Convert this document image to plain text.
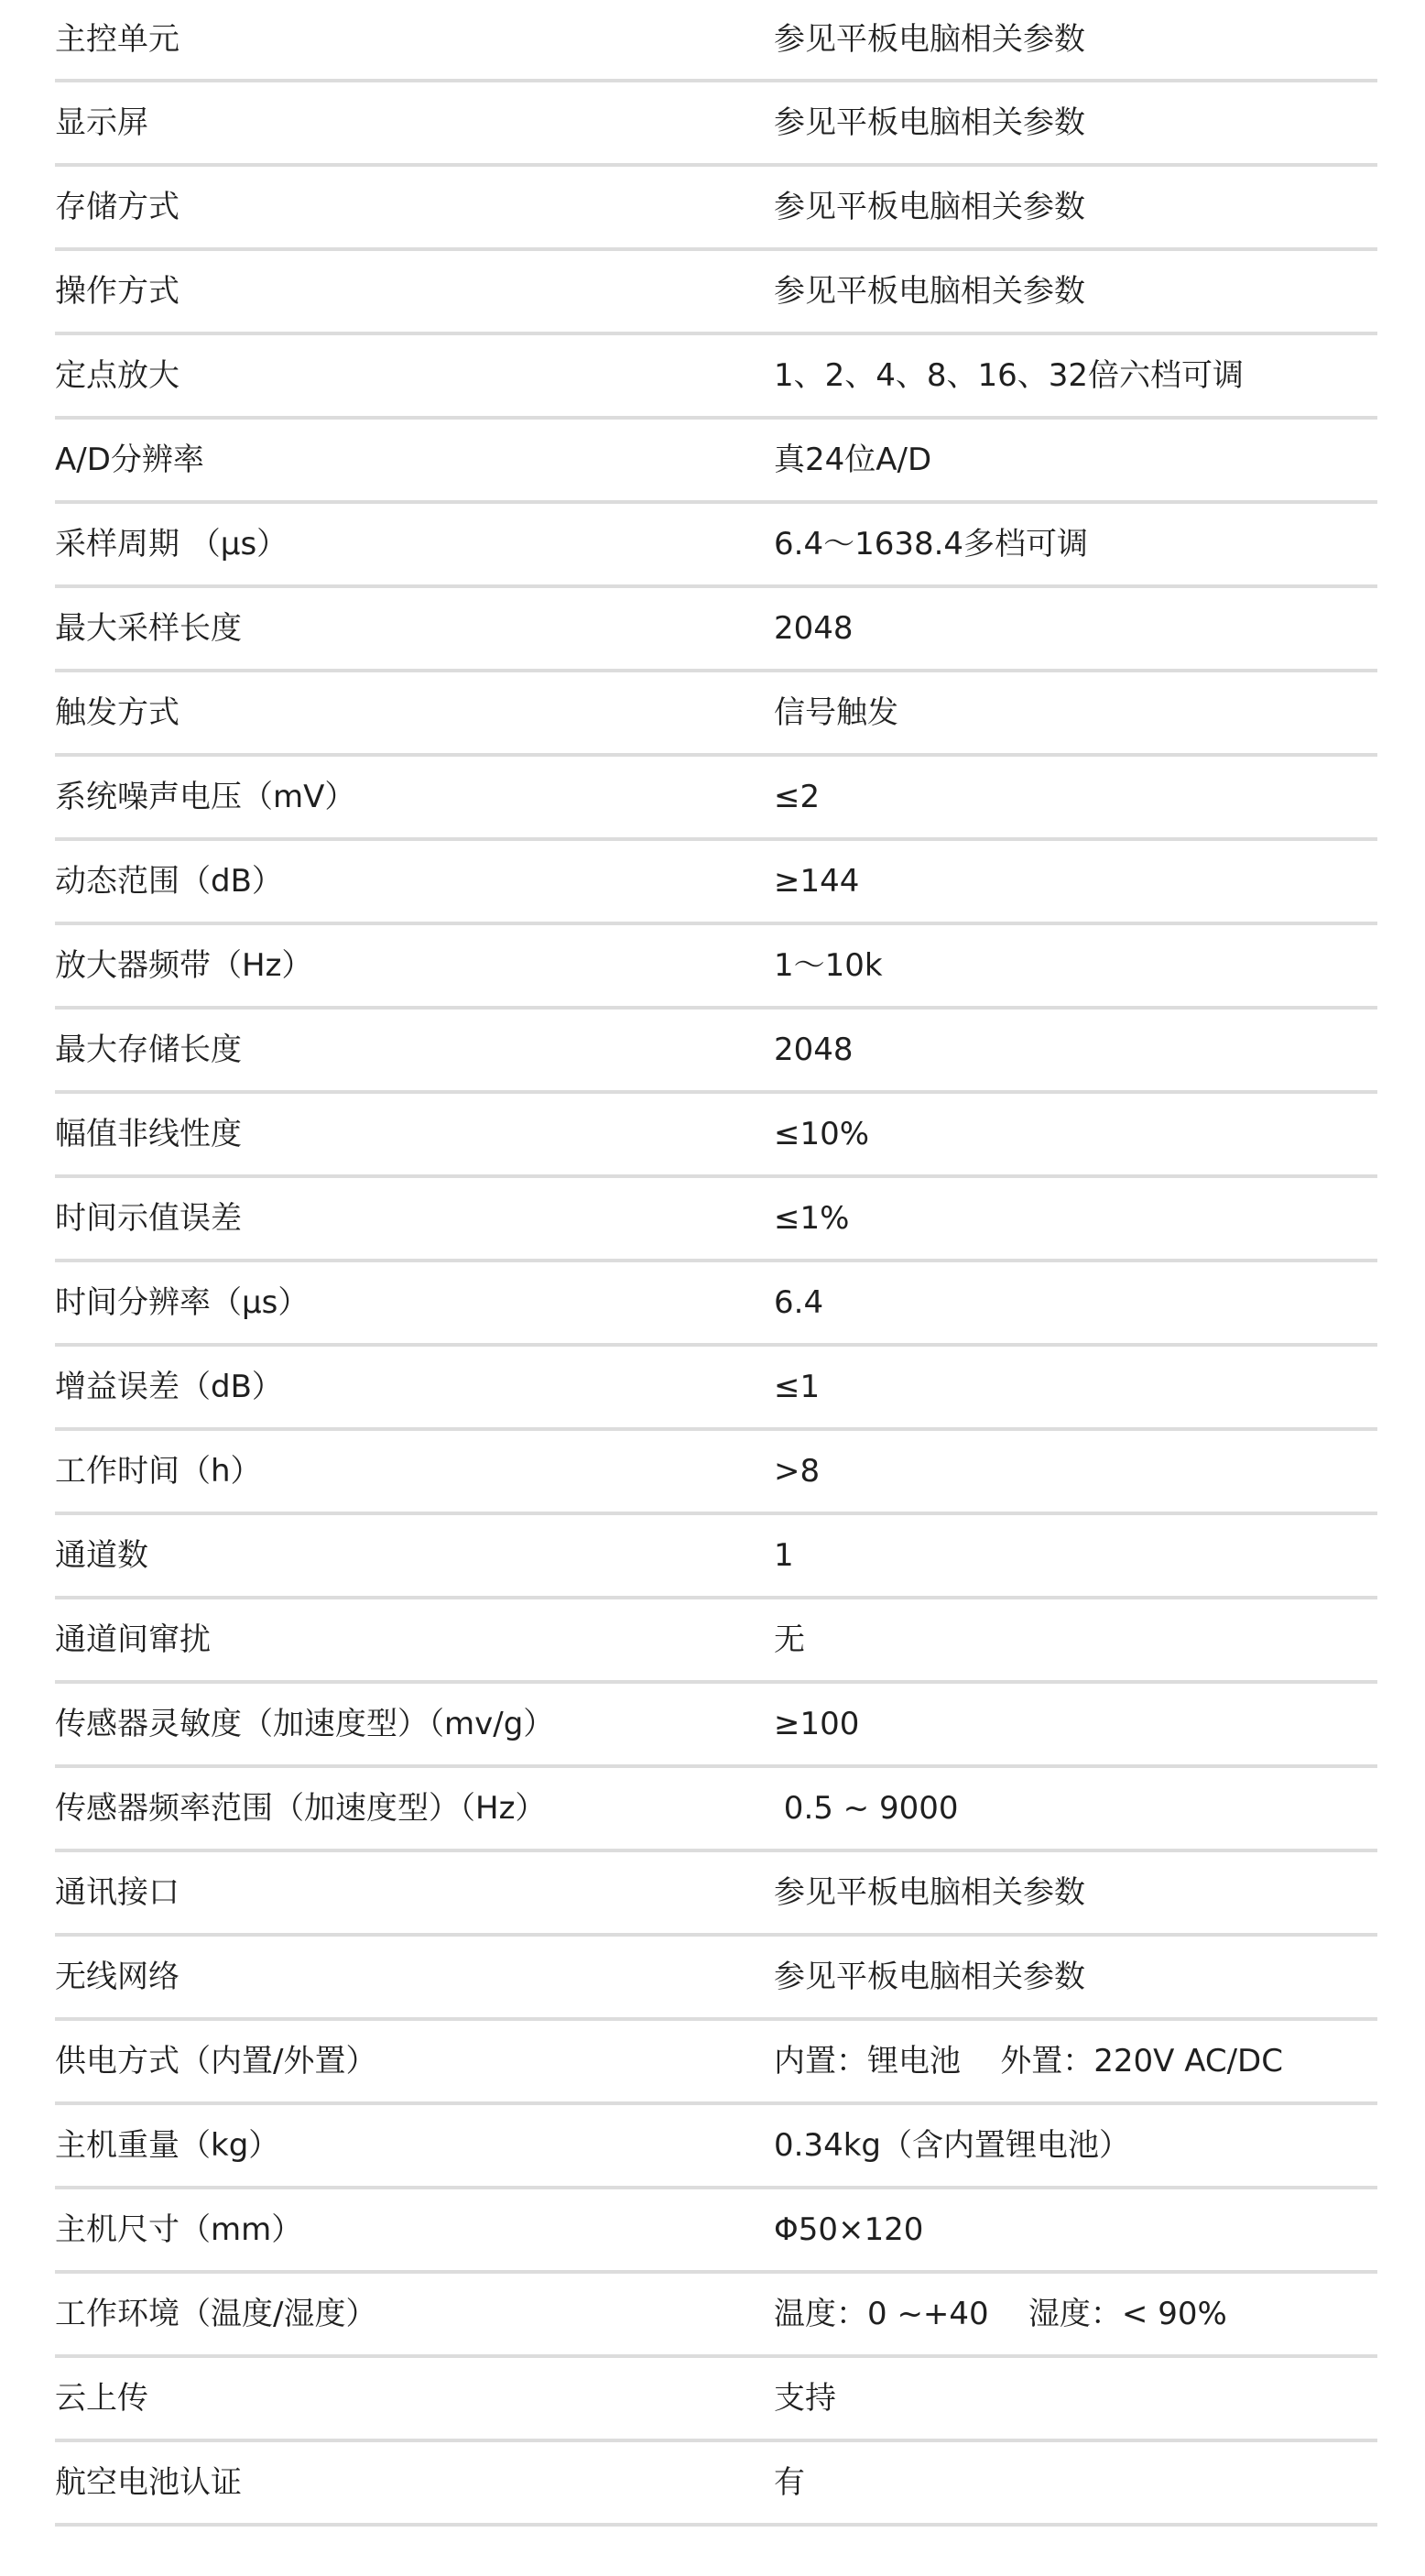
主控单元	参见平板电脑相关参数
显示屏	参见平板电脑相关参数
存储方式	参见平板电脑相关参数
操作方式	参见平板电脑相关参数
定点放大	1、2、4、8、16、32倍六档可调
A/D分辨率	真24位A/D
采样周期 （μs）	6.4～1638.4多档可调
最大采样长度	2048
触发方式	信号触发
系统噪声电压（mV）	≤2
动态范围（dB）	≥144
放大器频带（Hz）	1～10k
最大存储长度	2048
幅值非线性度	≤10%
时间示值误差	≤1%
时间分辨率（μs）	6.4
增益误差（dB）	≤1
工作时间（h）	>8
通道数	1
通道间窜扰	无
传感器灵敏度（加速度型）（mv/g）	≥100
传感器频率范围（加速度型）（Hz）	0.5 ~ 9000
通讯接口	参见平板电脑相关参数
无线网络	参见平板电脑相关参数
供电方式（内置/外置）	内置：锂电池    外置：220V AC/DC
主机重量（kg）	0.34kg（含内置锂电池）
主机尺寸（mm）	Φ50×120
工作环境（温度/湿度）	温度：0 ~+40    湿度：< 90%
云上传	支持
航空电池认证	有
